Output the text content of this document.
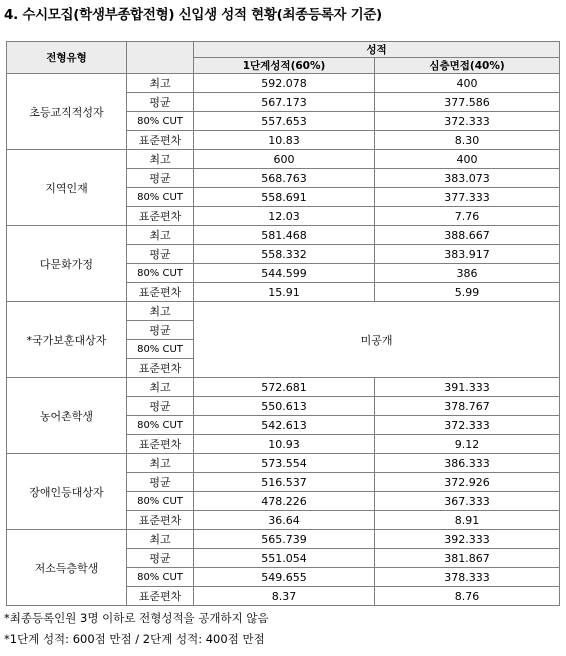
4. 수시모집(학생부종합전형) 신입생 성적 현황(최종등록자 기준)
전형유형		성적	
		1단계성적(60%)	심층면접(40%)
초등교직적성자	최고	592.078	400
	평균	567.173	377.586
	80% CUT	557.653	372.333
	표준편차	10.83	8.30
지역인재	최고	600	400
	평균	568.763	383.073
	80% CUT	558.691	377.333
	표준편차	12.03	7.76
다문화가정	최고	581.468	388.667
	평균	558.332	383.917
	80% CUT	544.599	386
	표준편차	15.91	5.99
*국가보훈대상자	최고	미공개	
	평균		
	80% CUT		
	표준편차		
농어촌학생	최고	572.681	391.333
	평균	550.613	378.767
	80% CUT	542.613	372.333
	표준편차	10.93	9.12
장애인등대상자	최고	573.554	386.333
	평균	516.537	372.926
	80% CUT	478.226	367.333
	표준편차	36.64	8.91
저소득층학생	최고	565.739	392.333
	평균	551.054	381.867
	80% CUT	549.655	378.333
	표준편차	8.37	8.76
*최종등록인원 3명 이하로 전형성적을 공개하지 않음
*1단계 성적: 600점 만점 / 2단계 성적: 400점 만점
